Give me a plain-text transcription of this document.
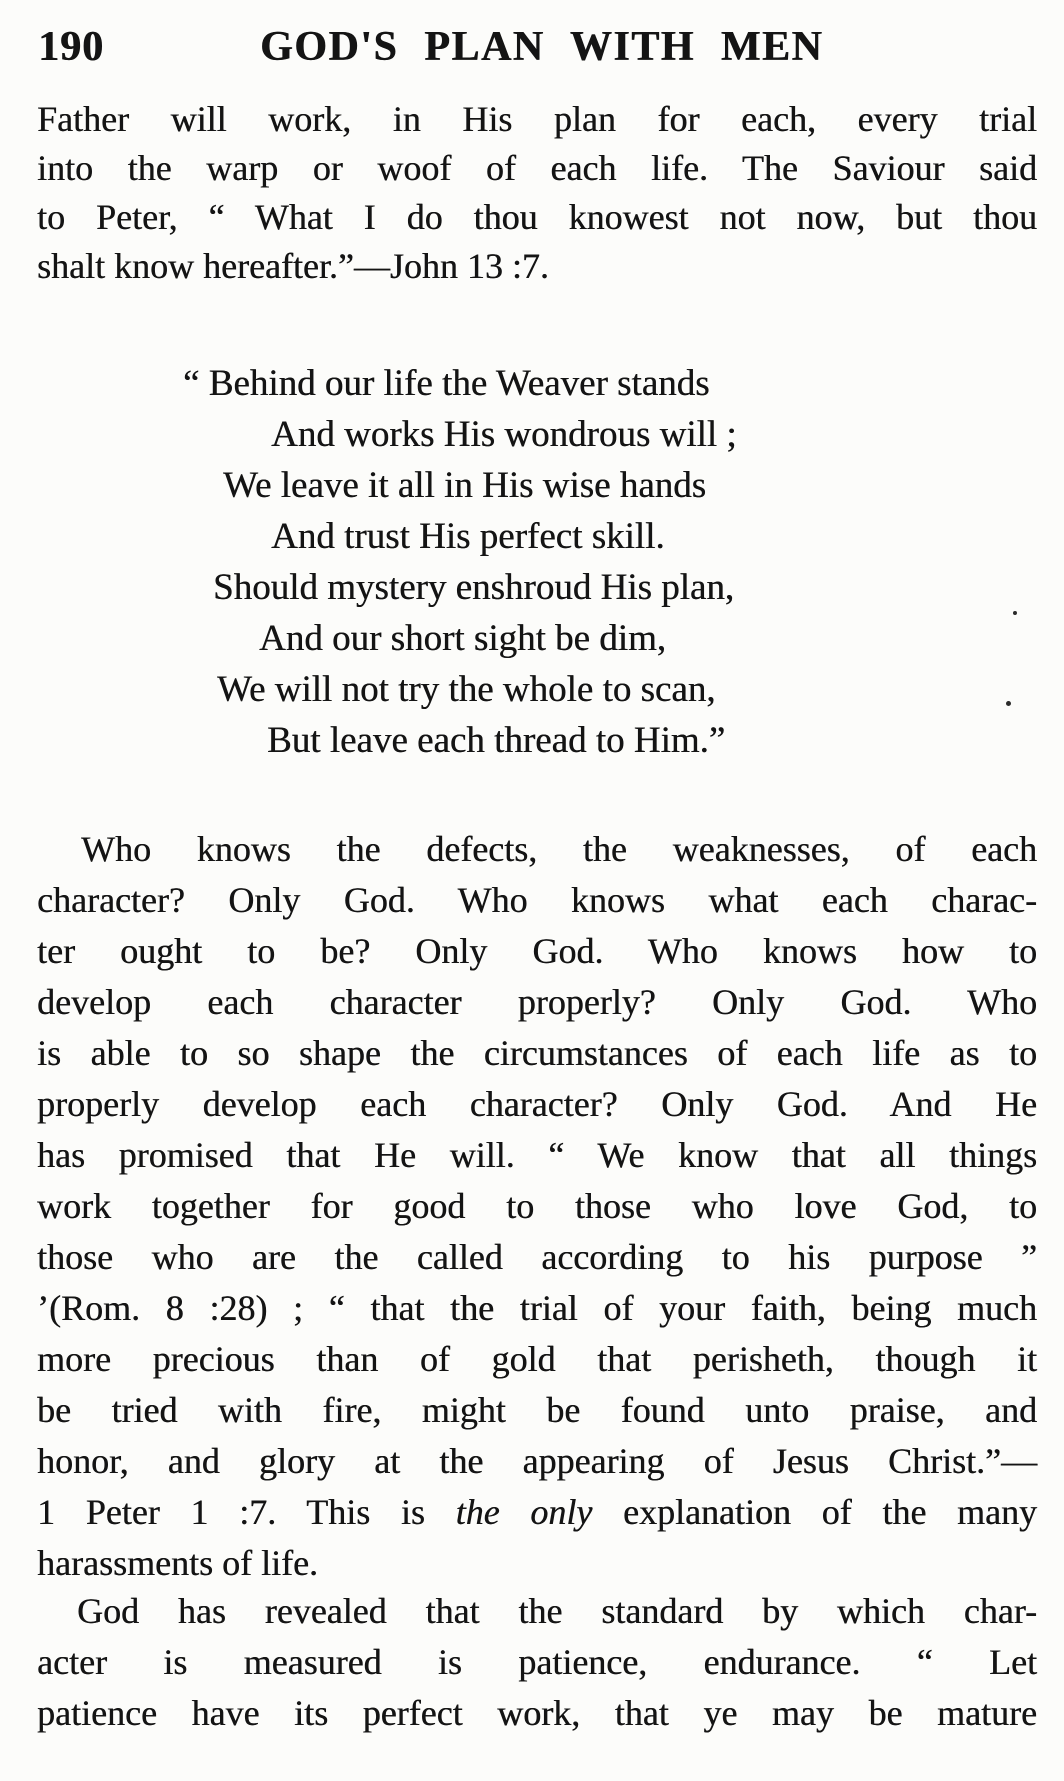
190	GOD'S PLAN WITH MEN
Father will work, in His plan for each, every trial
into the warp or woof of each life. The Saviour said
to Peter, “ What I do thou knowest not now, but thou
shalt know hereafter.”—John 13 :7.
“ Behind our life the Weaver stands
And works His wondrous will ;
We leave it all in His wise hands
And trust His perfect skill.
Should mystery enshroud His plan,
And our short sight be dim,
We will not try the whole to scan,
But leave each thread to Him.”
Who knows the defects, the weaknesses, of each
character? Only God. Who knows what each charac-
ter ought to be? Only God. Who knows how to
develop each character properly? Only God. Who
is able to so shape the circumstances of each life as to
properly develop each character? Only God. And He
has promised that He will. “ We know that all things
work together for good to those who love God, to
those who are the called according to his purpose ”
’(Rom. 8 :28) ; “ that the trial of your faith, being much
more precious than of gold that perisheth, though it
be tried with fire, might be found unto praise, and
honor, and glory at the appearing of Jesus Christ.”—
1 Peter 1 :7. This is the only explanation of the many
harassments of life.
God has revealed that the standard by which char-
acter is measured is patience, endurance. “ Let
patience have its perfect work, that ye may be mature
